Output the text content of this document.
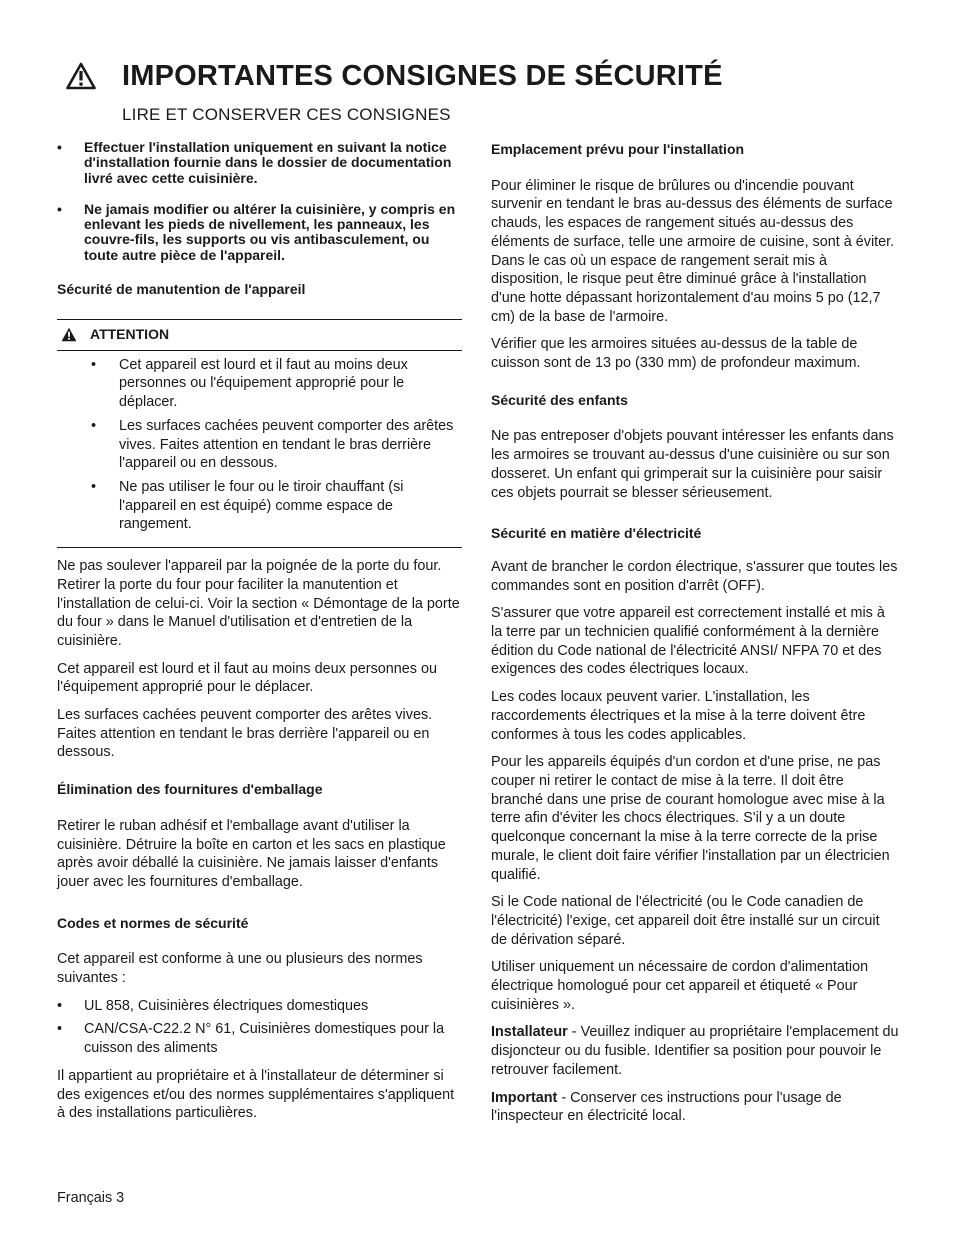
IMPORTANTES CONSIGNES DE SÉCURITÉ
LIRE ET CONSERVER CES CONSIGNES
• Effectuer l'installation uniquement en suivant la notice d'installation fournie dans le dossier de documentation livré avec cette cuisinière.
• Ne jamais modifier ou altérer la cuisinière, y compris en enlevant les pieds de nivellement, les panneaux, les couvre-fils, les supports ou vis antibasculement, ou toute autre pièce de l'appareil.
Sécurité de manutention de l'appareil
ATTENTION
• Cet appareil est lourd et il faut au moins deux personnes ou l'équipement approprié pour le déplacer.
• Les surfaces cachées peuvent comporter des arêtes vives. Faites attention en tendant le bras derrière l'appareil ou en dessous.
• Ne pas utiliser le four ou le tiroir chauffant (si l'appareil en est équipé) comme espace de rangement.

Ne pas soulever l'appareil par la poignée de la porte du four. Retirer la porte du four pour faciliter la manutention et l'installation de celui-ci. Voir la section « Démontage de la porte du four » dans le Manuel d'utilisation et d'entretien de la cuisinière.

Cet appareil est lourd et il faut au moins deux personnes ou l'équipement approprié pour le déplacer.

Les surfaces cachées peuvent comporter des arêtes vives. Faites attention en tendant le bras derrière l'appareil ou en dessous.

Élimination des fournitures d'emballage

Retirer le ruban adhésif et l'emballage avant d'utiliser la cuisinière. Détruire la boîte en carton et les sacs en plastique après avoir déballé la cuisinière. Ne jamais laisser d'enfants jouer avec les fournitures d'emballage.

Codes et normes de sécurité

Cet appareil est conforme à une ou plusieurs des normes suivantes :

• UL 858, Cuisinières électriques domestiques
• CAN/CSA-C22.2 N° 61, Cuisinières domestiques pour la cuisson des aliments

Il appartient au propriétaire et à l'installateur de déterminer si des exigences et/ou des normes supplémentaires s'appliquent à des installations particulières.

Emplacement prévu pour l'installation

Pour éliminer le risque de brûlures ou d'incendie pouvant survenir en tendant le bras au-dessus des éléments de surface chauds, les espaces de rangement situés au-dessus des éléments de surface, telle une armoire de cuisine, sont à éviter. Dans le cas où un espace de rangement serait mis à disposition, le risque peut être diminué grâce à l'installation d'une hotte dépassant horizontalement d'au moins 5 po (12,7 cm) de la base de l'armoire.

Vérifier que les armoires situées au-dessus de la table de cuisson sont de 13 po (330 mm) de profondeur maximum.

Sécurité des enfants

Ne pas entreposer d'objets pouvant intéresser les enfants dans les armoires se trouvant au-dessus d'une cuisinière ou sur son dosseret. Un enfant qui grimperait sur la cuisinière pour saisir ces objets pourrait se blesser sérieusement.

Sécurité en matière d'électricité

Avant de brancher le cordon électrique, s'assurer que toutes les commandes sont en position d'arrêt (OFF).

S'assurer que votre appareil est correctement installé et mis à la terre par un technicien qualifié conformément à la dernière édition du Code national de l'électricité ANSI/ NFPA 70 et des exigences des codes électriques locaux.

Les codes locaux peuvent varier. L'installation, les raccordements électriques et la mise à la terre doivent être conformes à tous les codes applicables.

Pour les appareils équipés d'un cordon et d'une prise, ne pas couper ni retirer le contact de mise à la terre. Il doit être branché dans une prise de courant homologue avec mise à la terre afin d'éviter les chocs électriques. S'il y a un doute quelconque concernant la mise à la terre correcte de la prise murale, le client doit faire vérifier l'installation par un électricien qualifié.

Si le Code national de l'électricité (ou le Code canadien de l'électricité) l'exige, cet appareil doit être installé sur un circuit de dérivation séparé.

Utiliser uniquement un nécessaire de cordon d'alimentation électrique homologué pour cet appareil et étiqueté « Pour cuisinières ».

Installateur - Veuillez indiquer au propriétaire l'emplacement du disjoncteur ou du fusible. Identifier sa position pour pouvoir le retrouver facilement.

Important - Conserver ces instructions pour l'usage de l'inspecteur en électricité local.

Français 3
